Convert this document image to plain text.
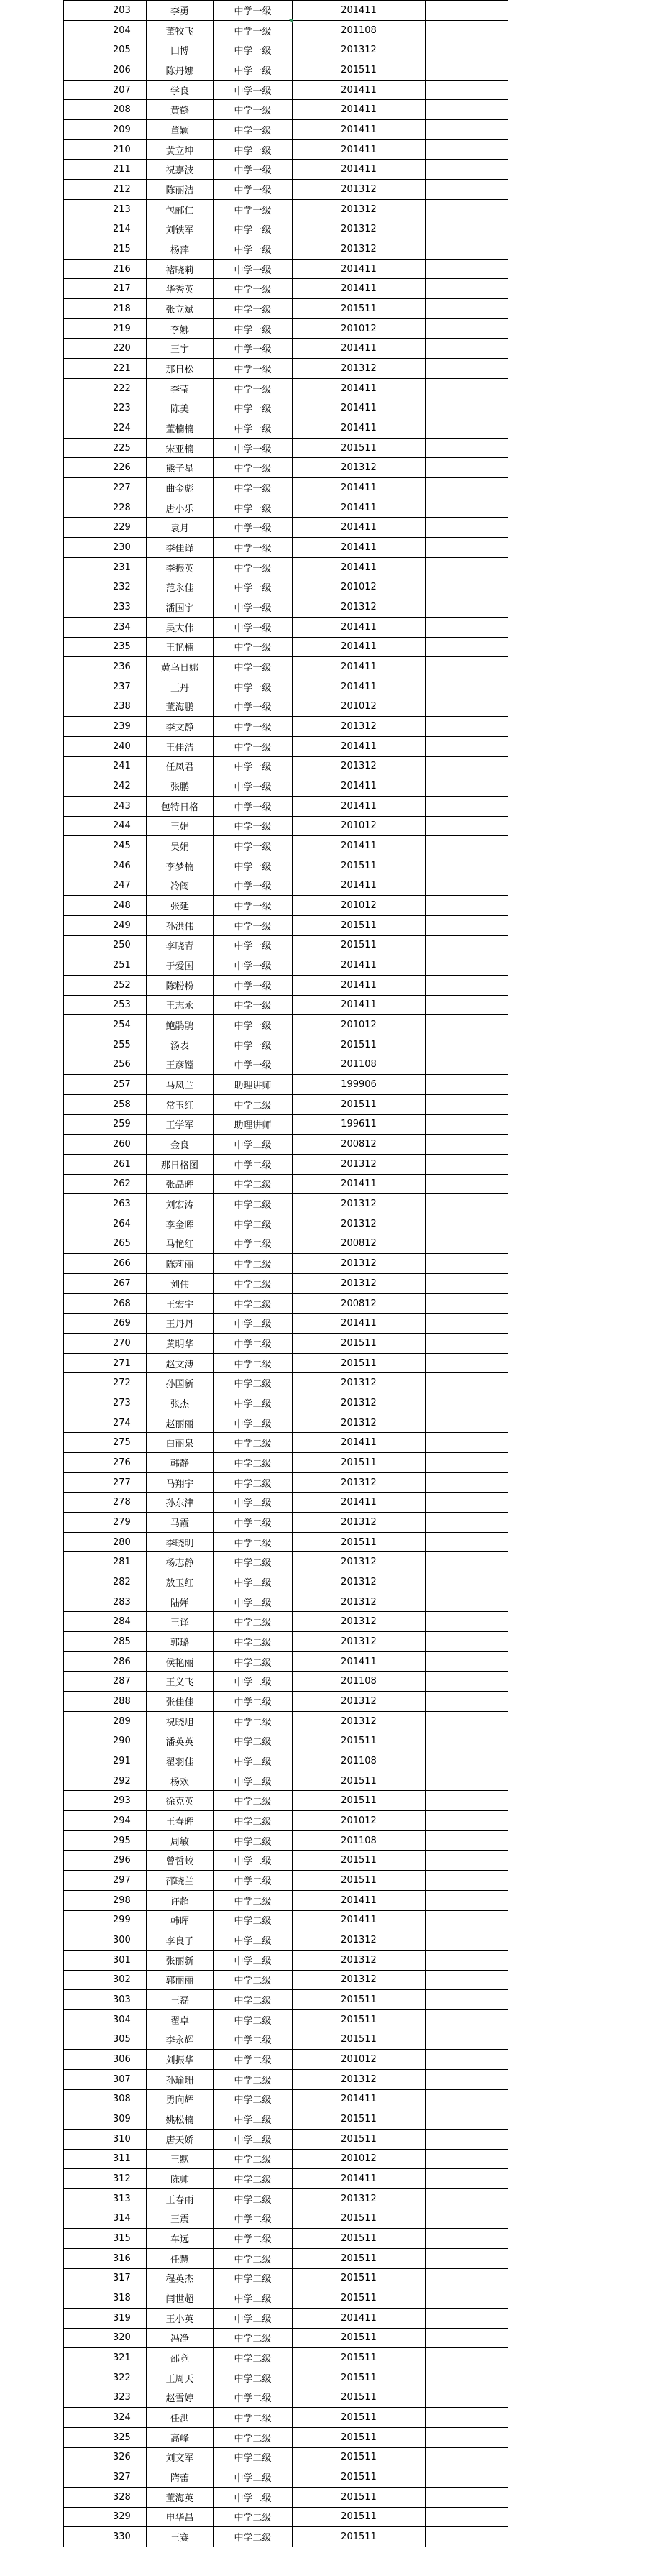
203	李勇	中学一级	201411	
204	董牧飞	中学一级	201108	
205	田博	中学一级	201312	
206	陈丹娜	中学一级	201511	
207	学良	中学一级	201411	
208	黄鹤	中学一级	201411	
209	董颖	中学一级	201411	
210	黄立坤	中学一级	201411	
211	祝嘉波	中学一级	201411	
212	陈丽洁	中学一级	201312	
213	包郦仁	中学一级	201312	
214	刘铁军	中学一级	201312	
215	杨萍	中学一级	201312	
216	褚晓莉	中学一级	201411	
217	华秀英	中学一级	201411	
218	张立斌	中学一级	201511	
219	李娜	中学一级	201012	
220	王宇	中学一级	201411	
221	那日松	中学一级	201312	
222	李莹	中学一级	201411	
223	陈美	中学一级	201411	
224	董楠楠	中学一级	201411	
225	宋亚楠	中学一级	201511	
226	熊子星	中学一级	201312	
227	曲金彪	中学一级	201411	
228	唐小乐	中学一级	201411	
229	袁月	中学一级	201411	
230	李佳译	中学一级	201411	
231	李振英	中学一级	201411	
232	范永佳	中学一级	201012	
233	潘国宇	中学一级	201312	
234	吴大伟	中学一级	201411	
235	王艳楠	中学一级	201411	
236	黄乌日娜	中学一级	201411	
237	王丹	中学一级	201411	
238	董海鹏	中学一级	201012	
239	李文静	中学一级	201312	
240	王佳洁	中学一级	201411	
241	任凤君	中学一级	201312	
242	张鹏	中学一级	201411	
243	包特日格	中学一级	201411	
244	王娟	中学一级	201012	
245	吴娟	中学一级	201411	
246	李梦楠	中学一级	201511	
247	冷阀	中学一级	201411	
248	张延	中学一级	201012	
249	孙洪伟	中学一级	201511	
250	李晓青	中学一级	201511	
251	于爱国	中学一级	201411	
252	陈粉粉	中学一级	201411	
253	王志永	中学一级	201411	
254	鲍鹃鹃	中学一级	201012	
255	汤表	中学一级	201511	
256	王彦镗	中学一级	201108	
257	马凤兰	助理讲师	199906	
258	常玉红	中学二级	201511	
259	王学军	助理讲师	199611	
260	金良	中学二级	200812	
261	那日格图	中学二级	201312	
262	张晶晖	中学二级	201411	
263	刘宏涛	中学二级	201312	
264	李金晖	中学二级	201312	
265	马艳红	中学二级	200812	
266	陈莉丽	中学二级	201312	
267	刘伟	中学二级	201312	
268	王宏宇	中学二级	200812	
269	王丹丹	中学二级	201411	
270	黄明华	中学二级	201511	
271	赵文溥	中学二级	201511	
272	孙国新	中学二级	201312	
273	张杰	中学二级	201312	
274	赵丽丽	中学二级	201312	
275	白丽泉	中学二级	201411	
276	韩静	中学二级	201511	
277	马翔宇	中学二级	201312	
278	孙东津	中学二级	201411	
279	马霞	中学二级	201312	
280	李晓明	中学二级	201511	
281	杨志静	中学二级	201312	
282	敖玉红	中学二级	201312	
283	陆婵	中学二级	201312	
284	王译	中学二级	201312	
285	郭璐	中学二级	201312	
286	侯艳丽	中学二级	201411	
287	王义飞	中学二级	201108	
288	张佳佳	中学二级	201312	
289	祝晓旭	中学二级	201312	
290	潘英英	中学二级	201511	
291	翟羽佳	中学二级	201108	
292	杨欢	中学二级	201511	
293	徐克英	中学二级	201511	
294	王春晖	中学二级	201012	
295	周敏	中学二级	201108	
296	曾哲蛟	中学二级	201511	
297	邵晓兰	中学二级	201511	
298	许超	中学二级	201411	
299	韩晖	中学二级	201411	
300	李良子	中学二级	201312	
301	张丽新	中学二级	201312	
302	郭丽丽	中学二级	201312	
303	王磊	中学二级	201511	
304	翟卓	中学二级	201511	
305	李永辉	中学二级	201511	
306	刘振华	中学二级	201012	
307	孙瑜珊	中学二级	201312	
308	勇向辉	中学二级	201411	
309	姚松楠	中学二级	201511	
310	唐天娇	中学二级	201511	
311	王默	中学二级	201012	
312	陈帅	中学二级	201411	
313	王春雨	中学二级	201312	
314	王震	中学二级	201511	
315	车远	中学二级	201511	
316	任慧	中学二级	201511	
317	程英杰	中学二级	201511	
318	闫世超	中学二级	201511	
319	王小英	中学二级	201411	
320	冯净	中学二级	201511	
321	邵竞	中学二级	201511	
322	王周天	中学二级	201511	
323	赵雪婷	中学二级	201511	
324	任洪	中学二级	201511	
325	高峰	中学二级	201511	
326	刘文军	中学二级	201511	
327	隋蕾	中学二级	201511	
328	董海英	中学二级	201511	
329	申华昌	中学二级	201511	
330	王赛	中学二级	201511	
